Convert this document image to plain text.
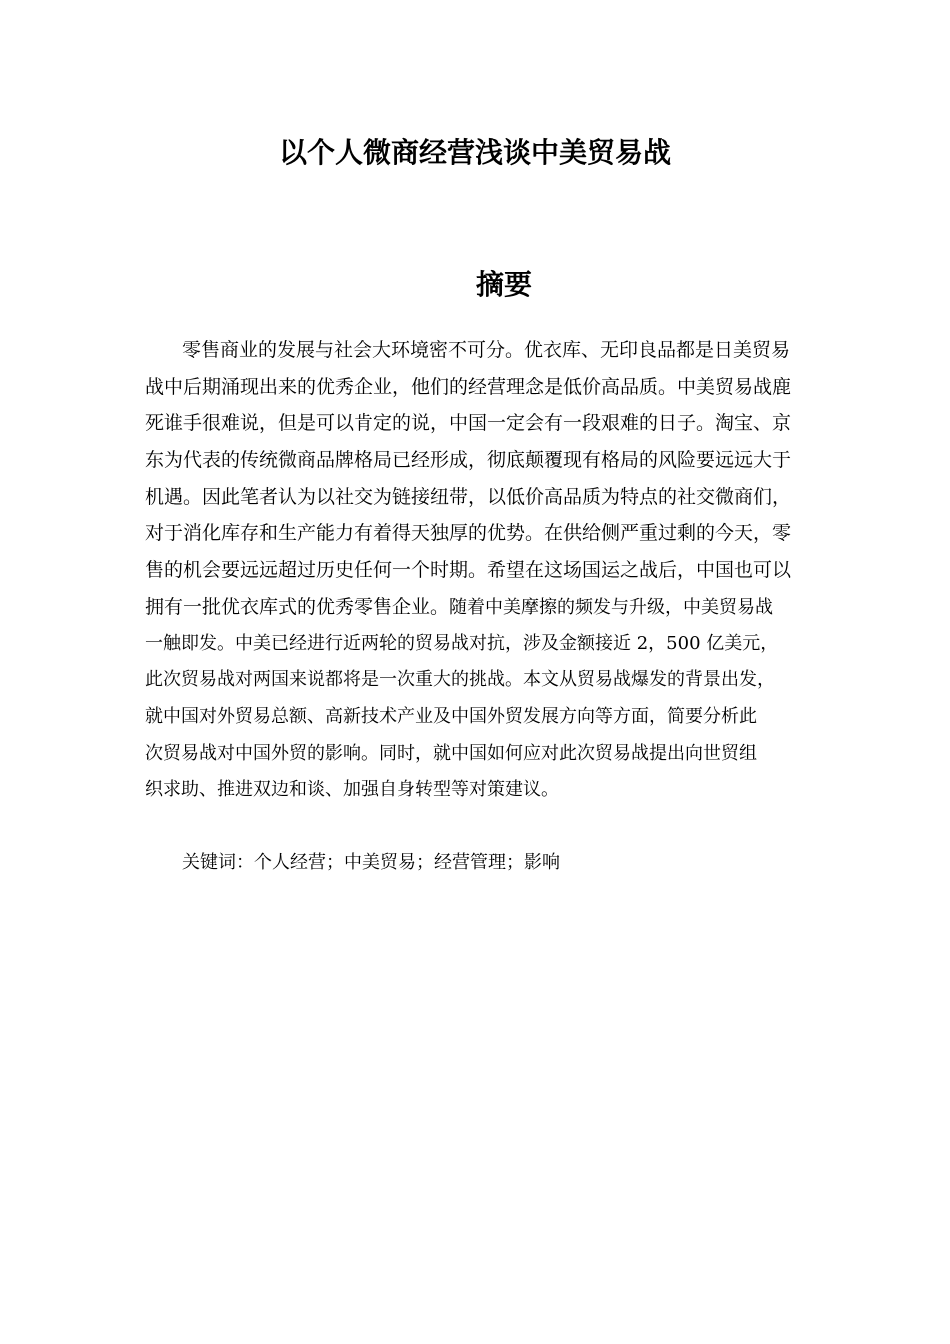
以个人微商经营浅谈中美贸易战
摘要
零售商业的发展与社会大环境密不可分。优衣库、无印良品都是日美贸易
战中后期涌现出来的优秀企业，他们的经营理念是低价高品质。中美贸易战鹿
死谁手很难说，但是可以肯定的说，中国一定会有一段艰难的日子。淘宝、京
东为代表的传统微商品牌格局已经形成，彻底颠覆现有格局的风险要远远大于
机遇。因此笔者认为以社交为链接纽带，以低价高品质为特点的社交微商们，
对于消化库存和生产能力有着得天独厚的优势。在供给侧严重过剩的今天，零
售的机会要远远超过历史任何一个时期。希望在这场国运之战后，中国也可以
拥有一批优衣库式的优秀零售企业。随着中美摩擦的频发与升级，中美贸易战
一触即发。中美已经进行近两轮的贸易战对抗，涉及金额接近 2，500 亿美元，
此次贸易战对两国来说都将是一次重大的挑战。本文从贸易战爆发的背景出发，
就中国对外贸易总额、高新技术产业及中国外贸发展方向等方面，简要分析此
次贸易战对中国外贸的影响。同时，就中国如何应对此次贸易战提出向世贸组
织求助、推进双边和谈、加强自身转型等对策建议。
关键词：个人经营；中美贸易；经营管理；影响
